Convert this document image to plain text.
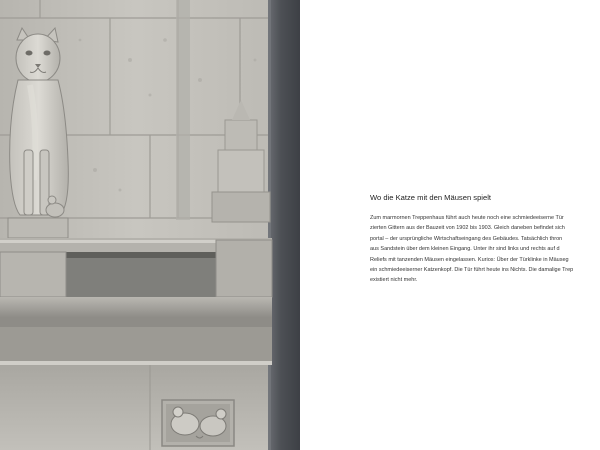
Wo die Katze mit den Mäusen spielt
Zum marmornen Treppenhaus führt auch heute noch eine schmiedeeiserne Tür
zierten Gittern aus der Bauzeit von 1902 bis 1903. Gleich daneben befindet sich
portal – der ursprüngliche Wirtschaftseingang des Gebäudes. Tatsächlich thron
aus Sandstein über dem kleinen Eingang. Unter ihr sind links und rechts auf d
Reliefs mit tanzenden Mäusen eingelassen. Kurios: Über der Türklinke in Mäuseg
ein schmiedeeiserner Katzenkopf. Die Tür führt heute ins Nichts. Die damalige Trep
existiert nicht mehr.
